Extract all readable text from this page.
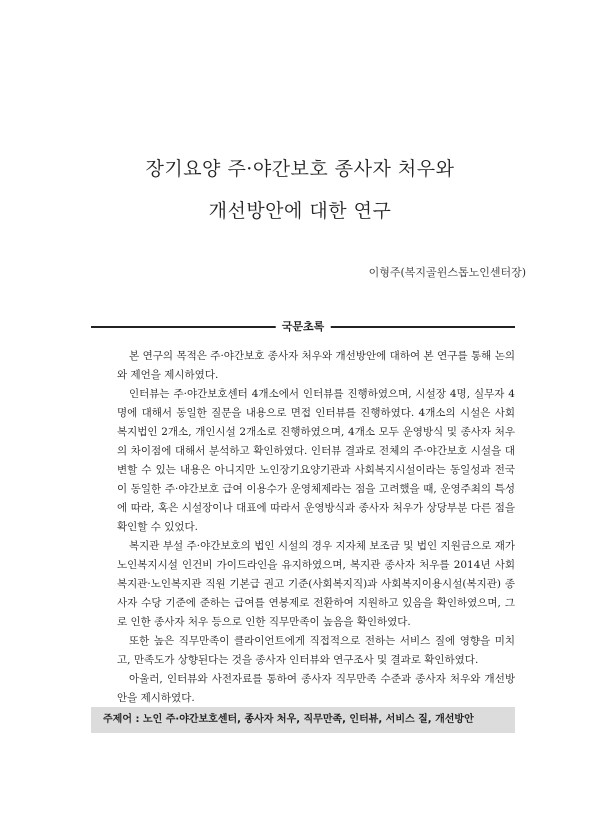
장기요양 주·야간보호 종사자 처우와
개선방안에 대한 연구
이형주(복지골윈스톱노인센터장)
국문초록

본 연구의 목적은 주·야간보호 종사자 처우와 개선방안에 대하여 본 연구를 통해 논의와 제언을 제시하였다.

인터뷰는 주·야간보호센터 4개소에서 인터뷰를 진행하였으며, 시설장 4명, 실무자 4명에 대해서 동일한 질문을 내용으로 면접 인터뷰를 진행하였다. 4개소의 시설은 사회복지법인 2개소, 개인시설 2개소로 진행하였으며, 4개소 모두 운영방식 및 종사자 처우의 차이점에 대해서 분석하고 확인하였다. 인터뷰 결과로 전체의 주·야간보호 시설을 대변할 수 있는 내용은 아니지만 노인장기요양기관과 사회복지시설이라는 동일성과 전국이 동일한 주·야간보호 급여 이용수가 운영체제라는 점을 고려했을 때, 운영주최의 특성에 따라, 혹은 시설장이나 대표에 따라서 운영방식과 종사자 처우가 상당부분 다른 점을 확인할 수 있었다.

복지관 부설 주·야간보호의 법인 시설의 경우 지자체 보조금 및 법인 지원금으로 재가노인복지시설 인건비 가이드라인을 유지하였으며, 복지관 종사자 처우를 2014년 사회복지관·노인복지관 직원 기본급 권고 기준(사회복지직)과 사회복지이용시설(복지관) 종사자 수당 기준에 준하는 급여를 연봉제로 전환하여 지원하고 있음을 확인하였으며, 그로 인한 종사자 처우 등으로 인한 직무만족이 높음을 확인하였다.

또한 높은 직무만족이 클라이언트에게 직접적으로 전하는 서비스 질에 영향을 미치고, 만족도가 상향된다는 것을 종사자 인터뷰와 연구조사 및 결과로 확인하였다.

아울러, 인터뷰와 사전자료를 통하여 종사자 직무만족 수준과 종사자 처우와 개선방안을 제시하였다.

주제어 : 노인 주·야간보호센터, 종사자 처우, 직무만족, 인터뷰, 서비스 질, 개선방안
